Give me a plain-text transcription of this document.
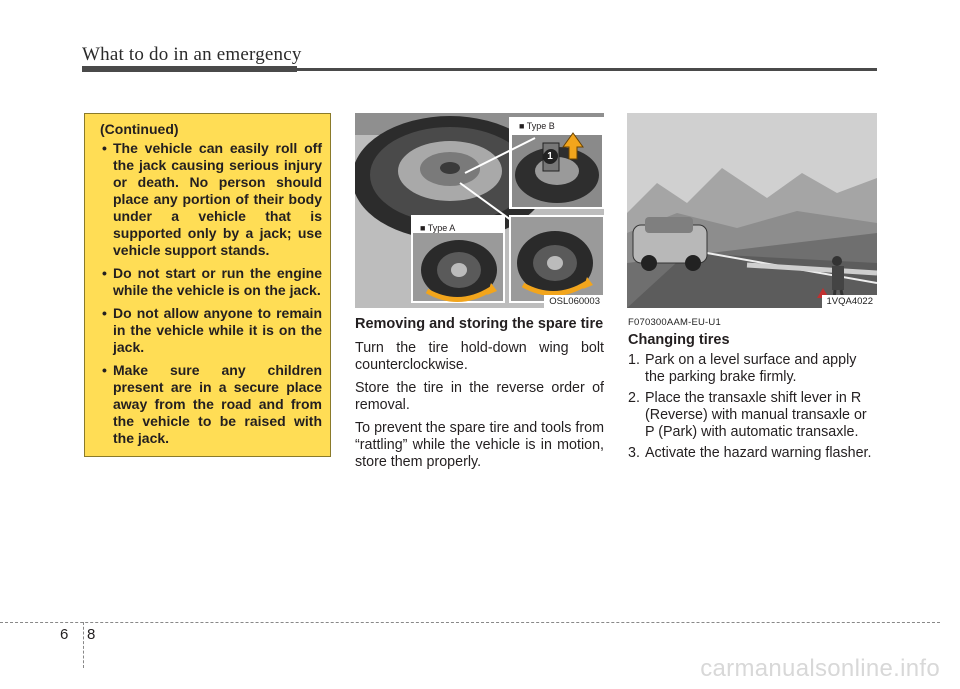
What to do in an emergency
(Continued)
• The vehicle can easily roll off the jack causing serious injury or death. No person should place any portion of their body under a vehicle that is supported only by a jack; use vehicle support stands.
• Do not start or run the engine while the vehicle is on the jack.
• Do not allow anyone to remain in the vehicle while it is on the jack.
• Make sure any children present are in a secure place away from the road and from the vehicle to be raised with the jack.
■ Type B
■ Type A
1
OSL060003	1VQA4022

Removing and storing the spare tire

Turn the tire hold-down wing bolt counterclockwise.

Store the tire in the reverse order of removal.

To prevent the spare tire and tools from “rattling” while the vehicle is in motion, store them properly.

F070300AAM-EU-U1

Changing tires

1. Park on a level surface and apply the parking brake firmly.
2. Place the transaxle shift lever in R (Reverse) with manual transaxle or P (Park) with automatic transaxle.
3. Activate the hazard warning flasher.
6 8
carmanualsonline.info
